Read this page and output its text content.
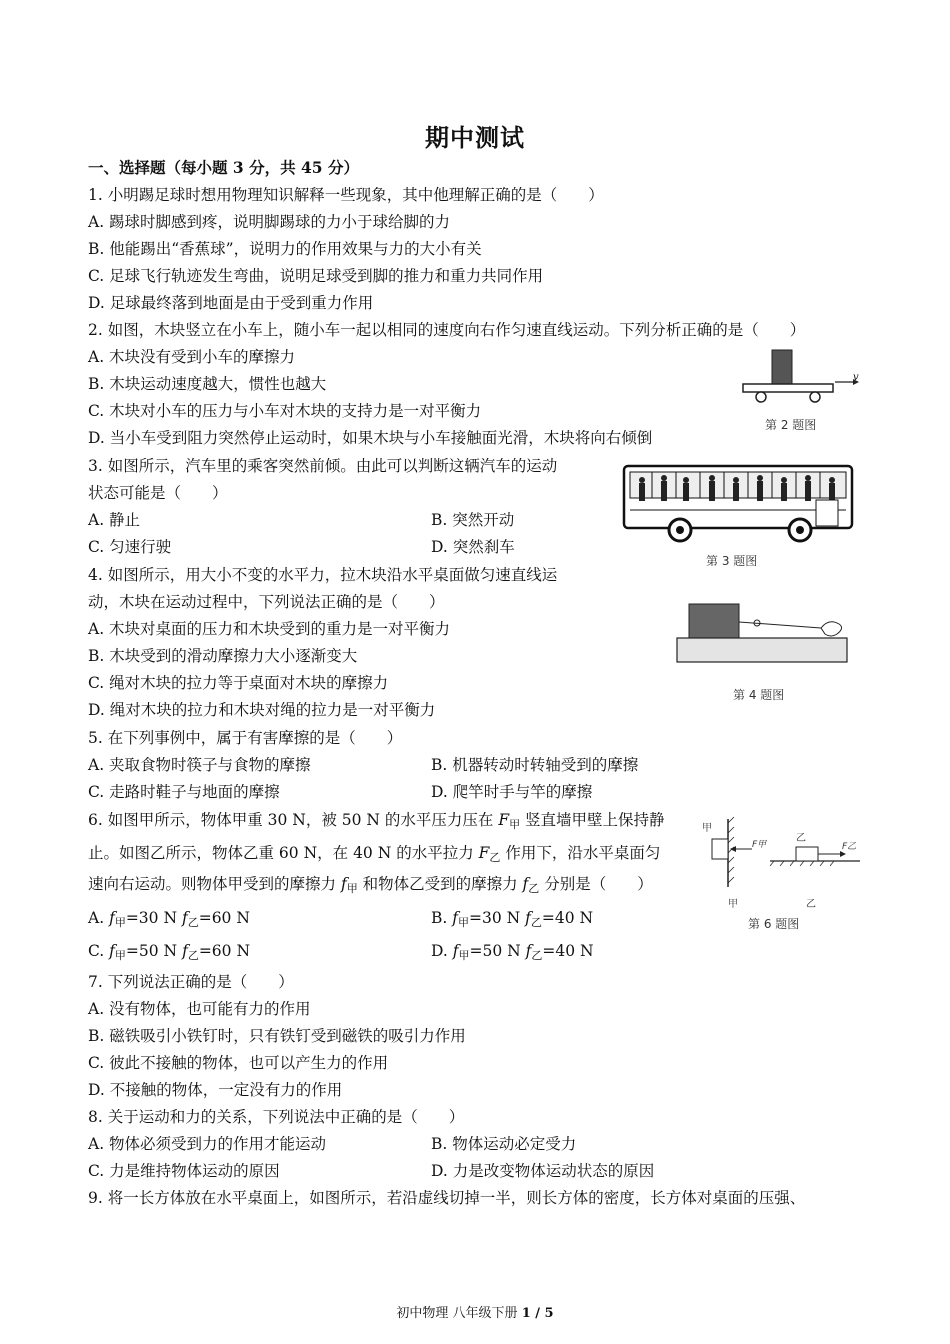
期中测试
一、选择题（每小题 3 分，共 45 分）
1. 小明踢足球时想用物理知识解释一些现象，其中他理解正确的是（　　）
A. 踢球时脚感到疼，说明脚踢球的力小于球给脚的力
B. 他能踢出“香蕉球”，说明力的作用效果与力的大小有关
C. 足球飞行轨迹发生弯曲，说明足球受到脚的推力和重力共同作用
D. 足球最终落到地面是由于受到重力作用
2. 如图，木块竖立在小车上，随小车一起以相同的速度向右作匀速直线运动。下列分析正确的是（　　）
A. 木块没有受到小车的摩擦力
B. 木块运动速度越大，惯性也越大
C. 木块对小车的压力与小车对木块的支持力是一对平衡力
D. 当小车受到阻力突然停止运动时，如果木块与小车接触面光滑，木块将向右倾倒
v
第 2 题图
3. 如图所示，汽车里的乘客突然前倾。由此可以判断这辆汽车的运动
状态可能是（　　）
A. 静止	B. 突然开动
C. 匀速行驶	D. 突然刹车
第 3 题图
4. 如图所示，用大小不变的水平力，拉木块沿水平桌面做匀速直线运
动，木块在运动过程中，下列说法正确的是（　　）
A. 木块对桌面的压力和木块受到的重力是一对平衡力
B. 木块受到的滑动摩擦力大小逐渐变大
C. 绳对木块的拉力等于桌面对木块的摩擦力
D. 绳对木块的拉力和木块对绳的拉力是一对平衡力
第 4 题图
5. 在下列事例中，属于有害摩擦的是（　　）
A. 夹取食物时筷子与食物的摩擦	B. 机器转动时转轴受到的摩擦
C. 走路时鞋子与地面的摩擦	D. 爬竿时手与竿的摩擦
6. 如图甲所示，物体甲重 30 N，被 50 N 的水平压力压在 $F_甲$ 竖直墙甲壁上保持静
止。如图乙所示，物体乙重 60 N，在 40 N 的水平拉力 $F_乙$ 作用下，沿水平桌面匀
速向右运动。则物体甲受到的摩擦力 $f_甲$ 和物体乙受到的摩擦力 $f_乙$ 分别是（　　）
A. $f_甲=30$ N $f_乙=60$ N	B. $f_甲=30$ N $f_乙=40$ N
C. $f_甲=50$ N $f_乙=60$ N	D. $f_甲=50$ N $f_乙=40$ N
甲
F甲
乙
F乙
甲	乙
第 6 题图
7. 下列说法正确的是（　　）
A. 没有物体，也可能有力的作用
B. 磁铁吸引小铁钉时，只有铁钉受到磁铁的吸引力作用
C. 彼此不接触的物体，也可以产生力的作用
D. 不接触的物体，一定没有力的作用
8. 关于运动和力的关系，下列说法中正确的是（　　）
A. 物体必须受到力的作用才能运动	B. 物体运动必定受力
C. 力是维持物体运动的原因	D. 力是改变物体运动状态的原因
9. 将一长方体放在水平桌面上，如图所示，若沿虚线切掉一半，则长方体的密度，长方体对桌面的压强、
初中物理 八年级下册 1 / 5
